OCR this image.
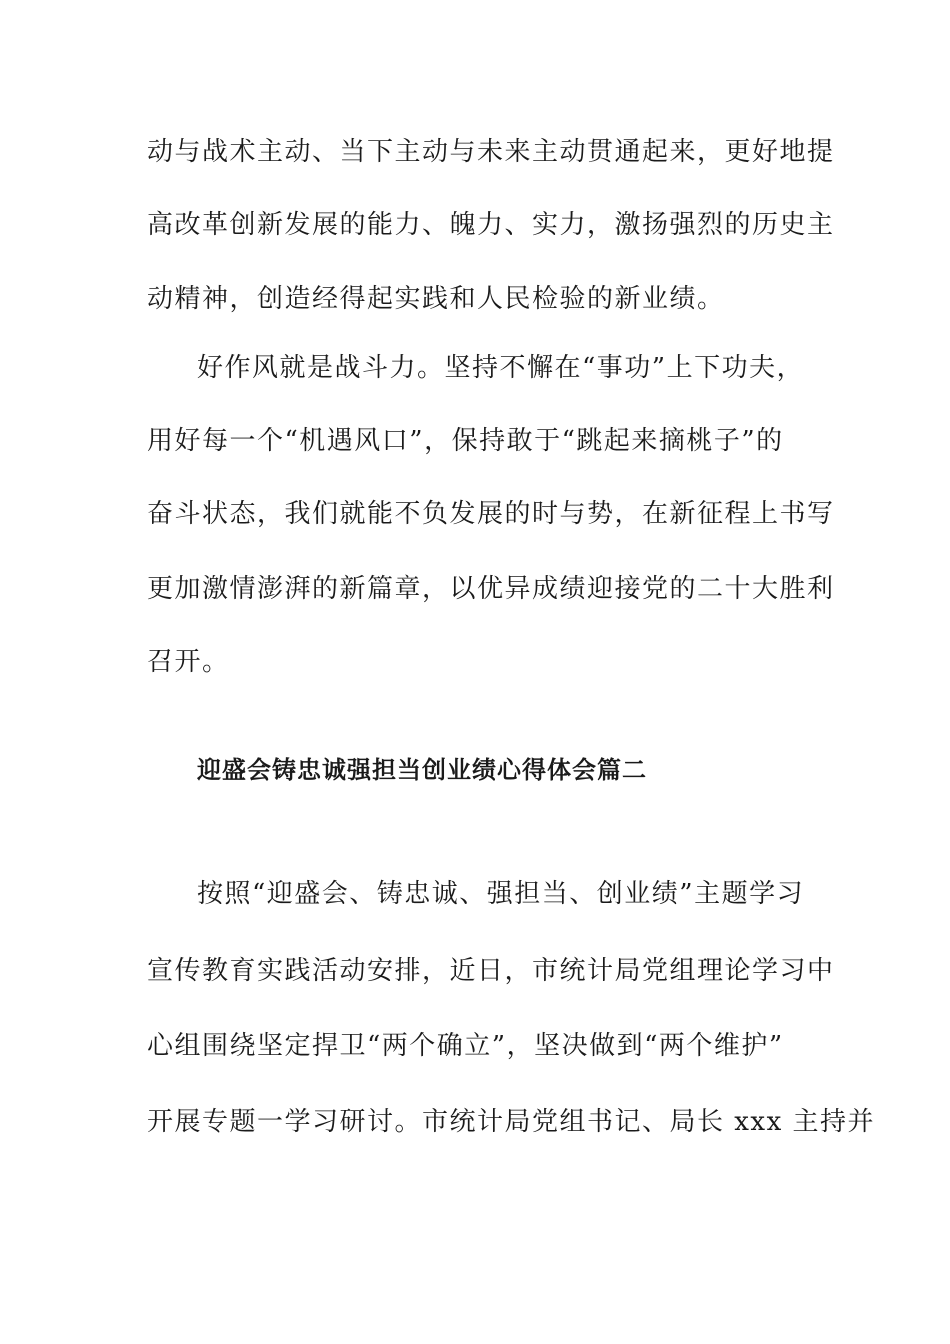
动与战术主动、当下主动与未来主动贯通起来，更好地提
高改革创新发展的能力、魄力、实力，激扬强烈的历史主
动精神，创造经得起实践和人民检验的新业绩。
好作风就是战斗力。坚持不懈在“事功”上下功夫，
用好每一个“机遇风口”，保持敢于“跳起来摘桃子”的
奋斗状态，我们就能不负发展的时与势，在新征程上书写
更加激情澎湃的新篇章，以优异成绩迎接党的二十大胜利
召开。
迎盛会铸忠诚强担当创业绩心得体会篇二
按照“迎盛会、铸忠诚、强担当、创业绩”主题学习
宣传教育实践活动安排，近日，市统计局党组理论学习中
心组围绕坚定捍卫“两个确立”，坚决做到“两个维护”
开展专题一学习研讨。市统计局党组书记、局长 xxx 主持并
